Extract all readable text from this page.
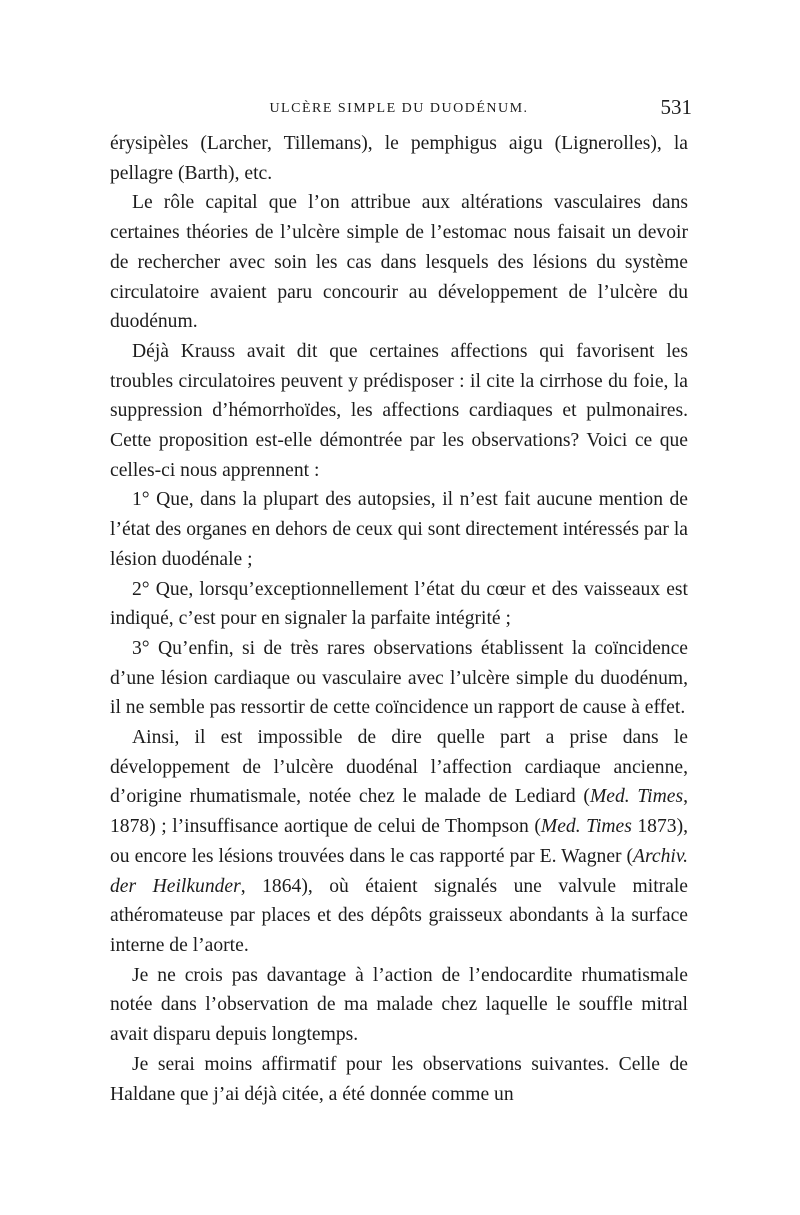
ULCÈRE SIMPLE DU DUODÉNUM.	531

érysipèles (Larcher, Tillemans), le pemphigus aigu (Lignerolles), la pellagre (Barth), etc.

Le rôle capital que l’on attribue aux altérations vasculaires dans certaines théories de l’ulcère simple de l’estomac nous faisait un devoir de rechercher avec soin les cas dans lesquels des lésions du système circulatoire avaient paru concourir au développement de l’ulcère du duodénum.

Déjà Krauss avait dit que certaines affections qui favorisent les troubles circulatoires peuvent y prédisposer : il cite la cirrhose du foie, la suppression d’hémorrhoïdes, les affections cardiaques et pulmonaires. Cette proposition est-elle démontrée par les observations? Voici ce que celles-ci nous apprennent :

1° Que, dans la plupart des autopsies, il n’est fait aucune mention de l’état des organes en dehors de ceux qui sont directement intéressés par la lésion duodénale ;

2° Que, lorsqu’exceptionnellement l’état du cœur et des vaisseaux est indiqué, c’est pour en signaler la parfaite intégrité ;

3° Qu’enfin, si de très rares observations établissent la coïncidence d’une lésion cardiaque ou vasculaire avec l’ulcère simple du duodénum, il ne semble pas ressortir de cette coïncidence un rapport de cause à effet.

Ainsi, il est impossible de dire quelle part a prise dans le développement de l’ulcère duodénal l’affection cardiaque ancienne, d’origine rhumatismale, notée chez le malade de Lediard (Med. Times, 1878) ; l’insuffisance aortique de celui de Thompson (Med. Times 1873), ou encore les lésions trouvées dans le cas rapporté par E. Wagner (Archiv. der Heilkunder, 1864), où étaient signalés une valvule mitrale athéromateuse par places et des dépôts graisseux abondants à la surface interne de l’aorte.

Je ne crois pas davantage à l’action de l’endocardite rhumatismale notée dans l’observation de ma malade chez laquelle le souffle mitral avait disparu depuis longtemps.

Je serai moins affirmatif pour les observations suivantes. Celle de Haldane que j’ai déjà citée, a été donnée comme un
